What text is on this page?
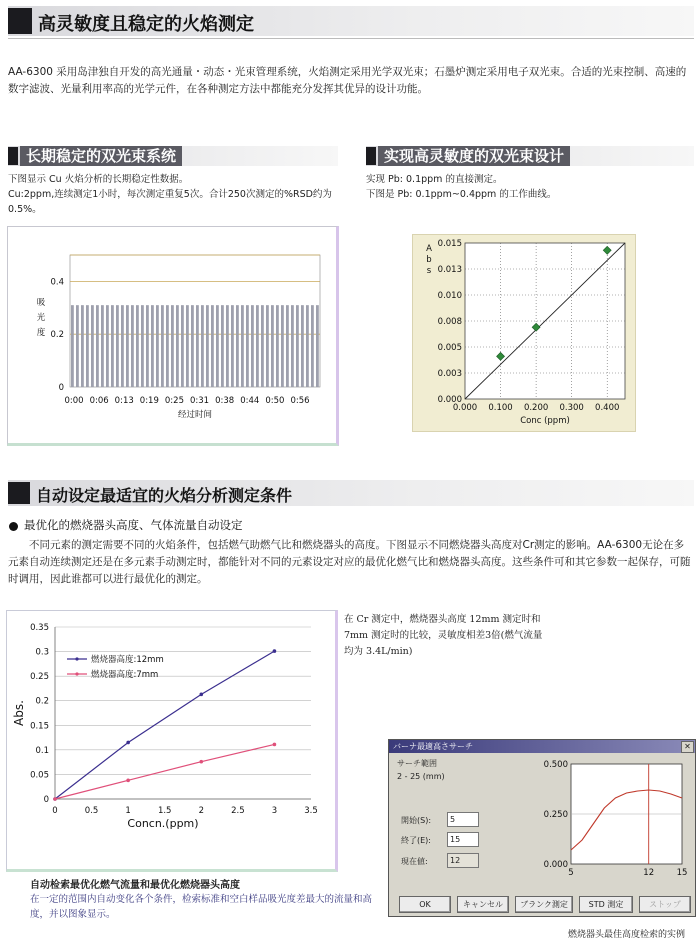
高灵敏度且稳定的火焰测定
AA-6300 采用岛津独自开发的高光通量・动态・光束管理系统，火焰测定采用光学双光束；石墨炉测定采用电子双光束。合适的光束控制、高速的数字滤波、光量利用率高的光学元件，在各种测定方法中都能充分发挥其优异的设计功能。
长期稳定的双光束系统
下图显示 Cu 火焰分析的长期稳定性数据。
Cu:2ppm,连续测定1小时，每次测定重复5次。合计250次测定的%RSD约为 0.5%。
0
0.2
0.4
0:00 0:06 0:13 0:19 0:25 0:31 0:38 0:44 0:50 0:56
经过时间
吸
光
度
实现高灵敏度的双光束设计
实现 Pb: 0.1ppm 的直接测定。
下图是 Pb: 0.1ppm~0.4ppm 的工作曲线。
0.000
0.003
0.005
0.008
0.010
0.013
0.015
0.000 0.100 0.200 0.300 0.400
Conc (ppm)
A
b
s
自动设定最适宜的火焰分析测定条件
最优化的燃烧器头高度、气体流量自动设定
不同元素的测定需要不同的火焰条件，包括燃气助燃气比和燃烧器头的高度。下图显示不同燃烧器头高度对Cr测定的影响。AA-6300无论在多元素自动连续测定还是在多元素手动测定时，都能针对不同的元素设定对应的最优化燃气比和燃烧器头高度。这些条件可和其它参数一起保存，可随时调用，因此谁都可以进行最优化的测定。
0
0.05
0.1
0.15
0.2
0.25
0.3
0.35
0	0.5	1	1.5	2	2.5	3	3.5
燃烧器高度:12mm
燃烧器高度:7mm
Abs.
Concn.(ppm)
在 Cr 测定中，燃烧器头高度 12mm 测定时和7mm 测定时的比较，灵敏度相差3倍(燃气流量均为 3.4L/min)
自动检索最优化燃气流量和最优化燃烧器头高度
在一定的范围内自动变化各个条件，检索标准和空白样品吸光度差最大的流量和高度，并以图象显示。
バーナ最適高さサーチ	✕
サーチ範囲
2 - 25 (mm)
開始(S):	5
終了(E):	15
現在値:	12
0.500
0.250
0.000
5	12	15
OK	キャンセル	ブランク測定	STD 測定	ストップ
燃烧器头最佳高度检索的实例
